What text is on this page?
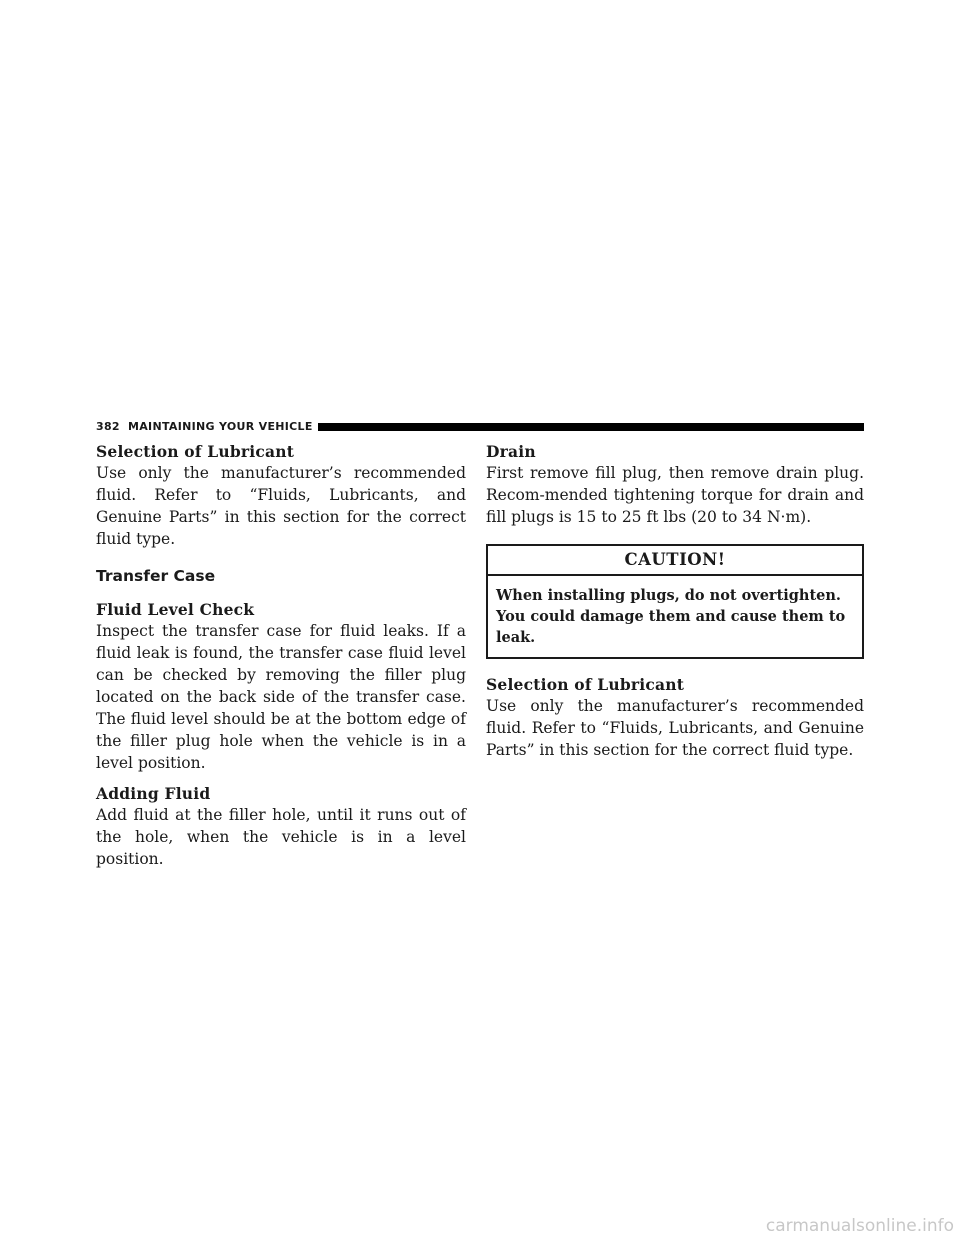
382 MAINTAINING YOUR VEHICLE
Selection of Lubricant

Use only the manufacturer’s recommended fluid. Refer to “Fluids, Lubricants, and Genuine Parts” in this section for the correct fluid type.

Transfer Case
Fluid Level Check

Inspect the transfer case for fluid leaks. If a fluid leak is found, the transfer case fluid level can be checked by removing the filler plug located on the back side of the transfer case. The fluid level should be at the bottom edge of the filler plug hole when the vehicle is in a level position.

Adding Fluid

Add fluid at the filler hole, until it runs out of the hole, when the vehicle is in a level position.

Drain

First remove fill plug, then remove drain plug. Recom-mended tightening torque for drain and fill plugs is 15 to 25 ft lbs (20 to 34 N·m).

CAUTION!
When installing plugs, do not overtighten. You could damage them and cause them to leak.
Selection of Lubricant

Use only the manufacturer’s recommended fluid. Refer to “Fluids, Lubricants, and Genuine Parts” in this section for the correct fluid type.

carmanualsonline.info
